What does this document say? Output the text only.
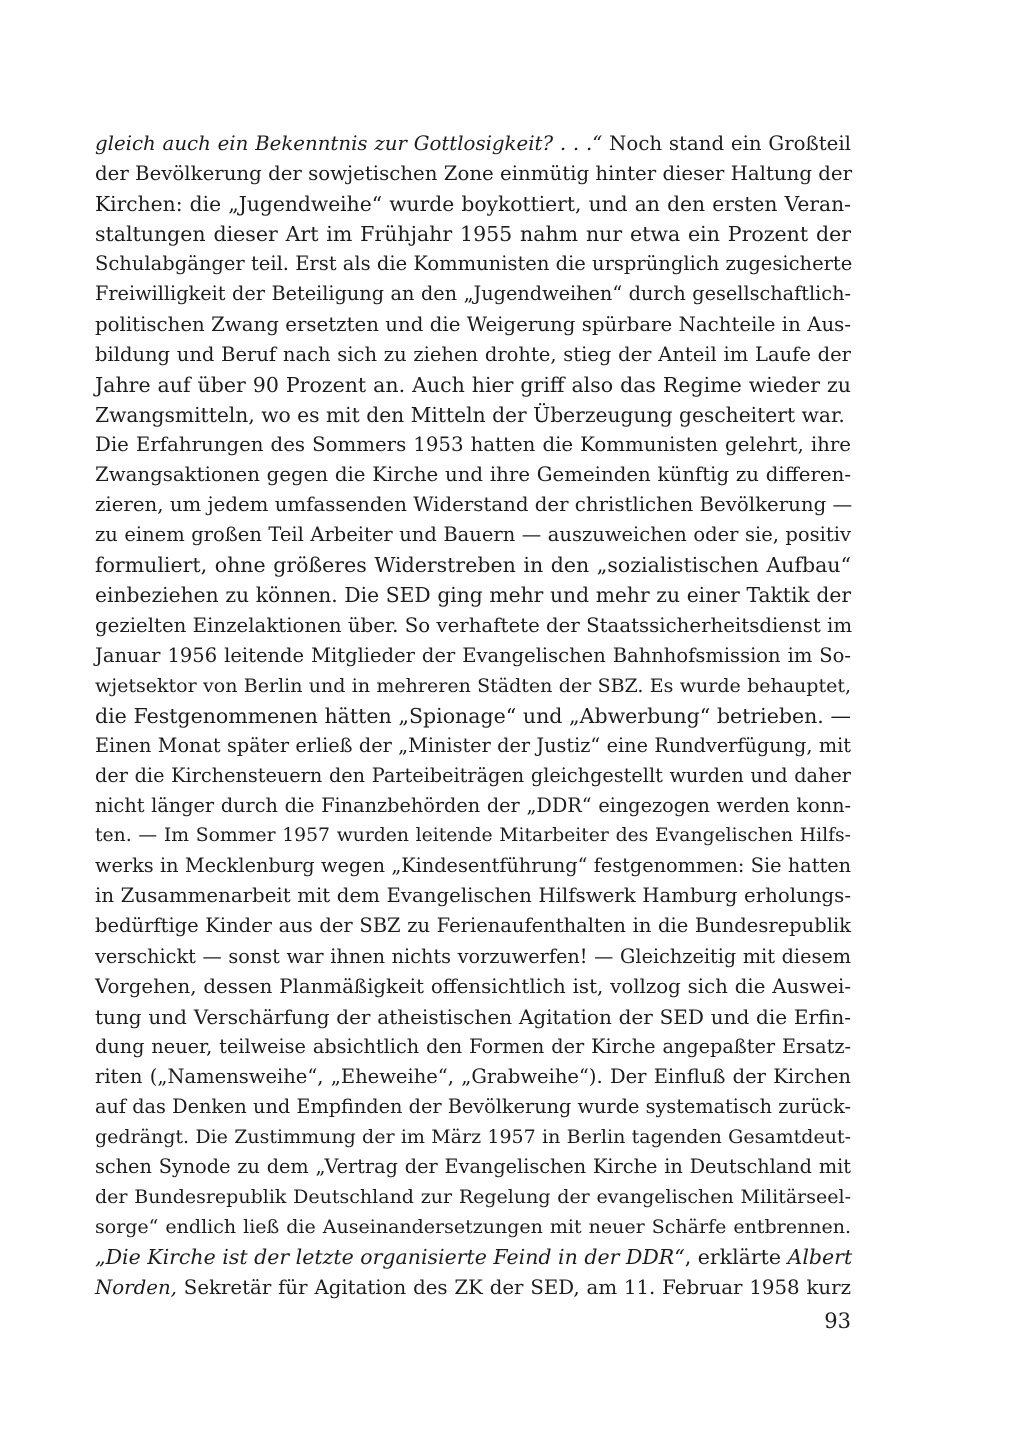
gleich auch ein Bekenntnis zur Gottlosigkeit? . . .“ Noch stand ein Großteil
der Bevölkerung der sowjetischen Zone einmütig hinter dieser Haltung der
Kirchen: die „Jugendweihe“ wurde boykottiert, und an den ersten Veran-
staltungen dieser Art im Frühjahr 1955 nahm nur etwa ein Prozent der
Schulabgänger teil. Erst als die Kommunisten die ursprünglich zugesicherte
Freiwilligkeit der Beteiligung an den „Jugendweihen“ durch gesellschaftlich-
politischen Zwang ersetzten und die Weigerung spürbare Nachteile in Aus-
bildung und Beruf nach sich zu ziehen drohte, stieg der Anteil im Laufe der
Jahre auf über 90 Prozent an. Auch hier griff also das Regime wieder zu
Zwangsmitteln, wo es mit den Mitteln der Überzeugung gescheitert war.
Die Erfahrungen des Sommers 1953 hatten die Kommunisten gelehrt, ihre
Zwangsaktionen gegen die Kirche und ihre Gemeinden künftig zu differen-
zieren, um jedem umfassenden Widerstand der christlichen Bevölkerung —
zu einem großen Teil Arbeiter und Bauern — auszuweichen oder sie, positiv
formuliert, ohne größeres Widerstreben in den „sozialistischen Aufbau“
einbeziehen zu können. Die SED ging mehr und mehr zu einer Taktik der
gezielten Einzelaktionen über. So verhaftete der Staatssicherheitsdienst im
Januar 1956 leitende Mitglieder der Evangelischen Bahnhofsmission im So-
wjetsektor von Berlin und in mehreren Städten der SBZ. Es wurde behauptet,
die Festgenommenen hätten „Spionage“ und „Abwerbung“ betrieben. —
Einen Monat später erließ der „Minister der Justiz“ eine Rundverfügung, mit
der die Kirchensteuern den Parteibeiträgen gleichgestellt wurden und daher
nicht länger durch die Finanzbehörden der „DDR“ eingezogen werden konn-
ten. — Im Sommer 1957 wurden leitende Mitarbeiter des Evangelischen Hilfs-
werks in Mecklenburg wegen „Kindesentführung“ festgenommen: Sie hatten
in Zusammenarbeit mit dem Evangelischen Hilfswerk Hamburg erholungs-
bedürftige Kinder aus der SBZ zu Ferienaufenthalten in die Bundesrepublik
verschickt — sonst war ihnen nichts vorzuwerfen! — Gleichzeitig mit diesem
Vorgehen, dessen Planmäßigkeit offensichtlich ist, vollzog sich die Auswei-
tung und Verschärfung der atheistischen Agitation der SED und die Erfin-
dung neuer, teilweise absichtlich den Formen der Kirche angepaßter Ersatz-
riten („Namensweihe“, „Eheweihe“, „Grabweihe“). Der Einfluß der Kirchen
auf das Denken und Empfinden der Bevölkerung wurde systematisch zurück-
gedrängt. Die Zustimmung der im März 1957 in Berlin tagenden Gesamtdeut-
schen Synode zu dem „Vertrag der Evangelischen Kirche in Deutschland mit
der Bundesrepublik Deutschland zur Regelung der evangelischen Militärseel-
sorge“ endlich ließ die Auseinandersetzungen mit neuer Schärfe entbrennen.
„Die Kirche ist der letzte organisierte Feind in der DDR“, erklärte Albert
Norden, Sekretär für Agitation des ZK der SED, am 11. Februar 1958 kurz
93
